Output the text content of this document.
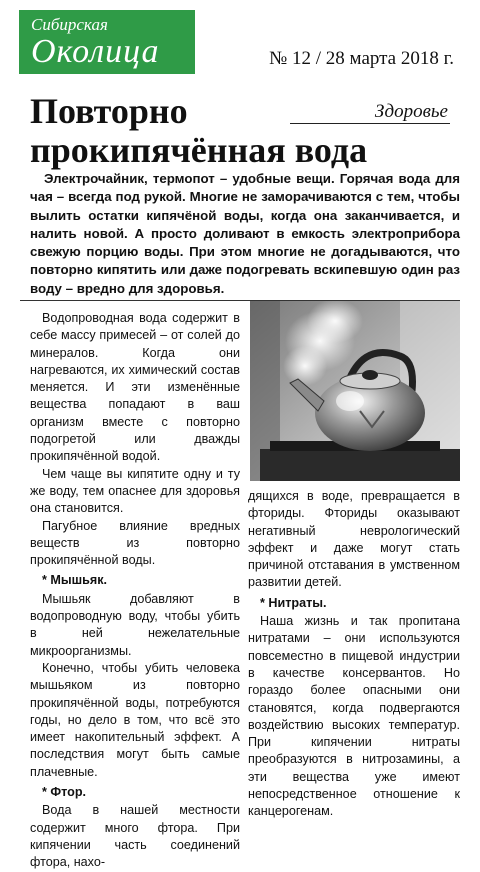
Сибирская
Околица	№ 12 / 28 марта 2018 г.
Повторно
прокипячённая вода
Здоровье

Электрочайник, термопот – удобные вещи. Горячая вода для чая – всегда под рукой. Многие не заморачиваются с тем, чтобы вылить остатки кипячёной воды, когда она заканчивается, и налить новой. А просто доливают в емкость электроприбора свежую порцию воды. При этом многие не догадываются, что повторно кипятить или даже подогревать вскипевшую один раз воду – вредно для здоровья.

Водопроводная вода содержит в себе массу примесей – от солей до минералов. Когда они нагреваются, их химический состав меняется. И эти изменённые вещества попадают в ваш организм вместе с повторно подогретой или дважды прокипячённой водой.

Чем чаще вы кипятите одну и ту же воду, тем опаснее для здоровья она становится.

Пагубное влияние вредных веществ из повторно прокипячённой воды.

* Мышьяк.

Мышьяк добавляют в водопроводную воду, чтобы убить в ней нежелательные микроорганизмы.

Конечно, чтобы убить человека мышьяком из повторно прокипячённой воды, потребуются годы, но дело в том, что всё это имеет накопительный эффект. А последствия могут быть самые плачевные.

* Фтор.

Вода в нашей местности содержит много фтора. При кипячении часть соединений фтора, нахо-

дящихся в воде, превращается в фториды. Фториды оказывают негативный неврологический эффект и даже могут стать причиной отставания в умственном развитии детей.

* Нитраты.

Наша жизнь и так пропитана нитратами – они используются повсеместно в пищевой индустрии в качестве консервантов. Но гораздо более опасными они становятся, когда подвергаются воздействию высоких температур. При кипячении нитраты преобразуются в нитрозамины, а эти вещества уже имеют непосредственное отношение к канцерогенам.
